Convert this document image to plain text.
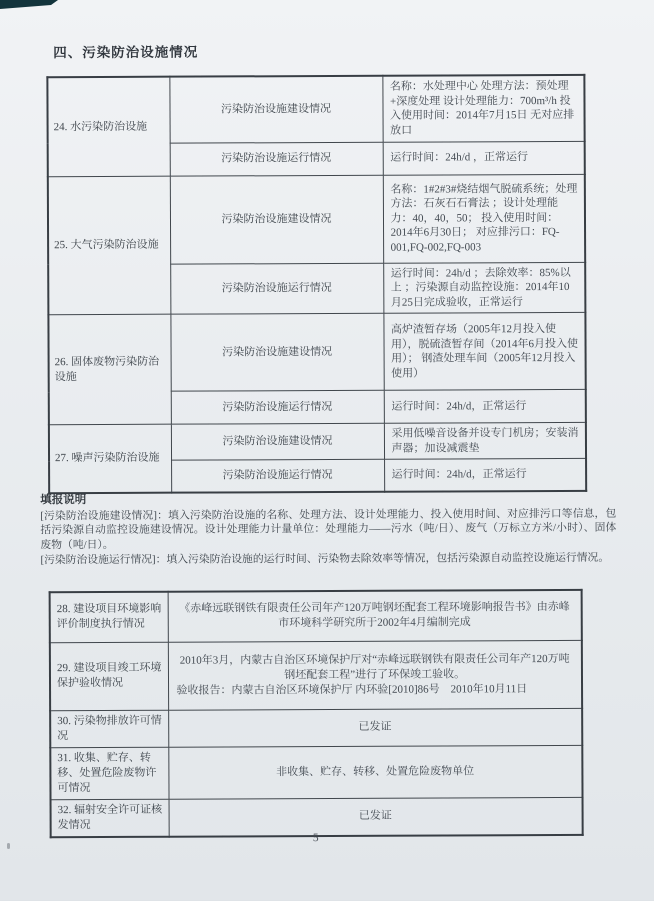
四、污染防治设施情况
24. 水污染防治设施	污染防治设施建设情况	名称：水处理中心 处理方法：预处理+深度处理 设计处理能力：700m³/h 投入使用时间：2014年7月15日 无对应排放口
	污染防治设施运行情况	运行时间：24h/d ，正常运行
25. 大气污染防治设施	污染防治设施建设情况	名称：1#2#3#烧结烟气脱硫系统；处理方法：石灰石石膏法 ；设计处理能力：40，40，50； 投入使用时间：2014年6月30日； 对应排污口：FQ-001,FQ-002,FQ-003
	污染防治设施运行情况	运行时间：24h/d ；去除效率：85%以上 ；污染源自动监控设施：2014年10月25日完成验收，正常运行
26. 固体废物污染防治设施	污染防治设施建设情况	高炉渣暂存场（2005年12月投入使用），脱硫渣暂存间（2014年6月投入使用）； 钢渣处理车间（2005年12月投入使用）
	污染防治设施运行情况	运行时间：24h/d，正常运行
27. 噪声污染防治设施	污染防治设施建设情况	采用低噪音设备并设专门机房；安装消声器；加设减震垫
	污染防治设施运行情况	运行时间：24h/d，正常运行
填报说明

[污染防治设施建设情况]：填入污染防治设施的名称、处理方法、设计处理能力、投入使用时间、对应排污口等信息，包括污染源自动监控设施建设情况。设计处理能力计量单位：处理能力——污水（吨/日）、废气（万标立方米/小时）、固体废物（吨/日）。

[污染防治设施运行情况]：填入污染防治设施的运行时间、污染物去除效率等情况，包括污染源自动监控设施运行情况。

28. 建设项目环境影响评价制度执行情况	《赤峰远联钢铁有限责任公司年产120万吨钢坯配套工程环境影响报告书》由赤峰市环境科学研究所于2002年4月编制完成
29. 建设项目竣工环境保护验收情况	2010年3月，内蒙古自治区环境保护厅对“赤峰远联钢铁有限责任公司年产120万吨钢坯配套工程”进行了环保竣工验收。
验收报告：内蒙古自治区环境保护厅 内环验[2010]86号　2010年10月11日

30. 污染物排放许可情况	已发证
31. 收集、贮存、转移、处置危险废物许可情况	非收集、贮存、转移、处置危险废物单位
32. 辐射安全许可证核发情况	已发证
5
